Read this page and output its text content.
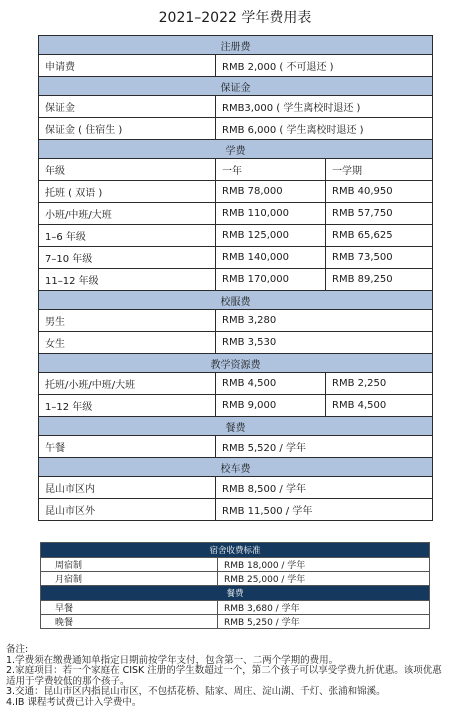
2021–2022 学年费用表
注册费		
申请费	RMB 2,000 ( 不可退还 )	
保证金		
保证金	RMB3,000 ( 学生离校时退还 )	
保证金 ( 住宿生 )	RMB 6,000 ( 学生离校时退还 )	
学费		
年级	一年	一学期
托班 ( 双语 )	RMB 78,000	RMB 40,950
小班/中班/大班	RMB 110,000	RMB 57,750
1–6 年级	RMB 125,000	RMB 65,625
7–10 年级	RMB 140,000	RMB 73,500
11–12 年级	RMB 170,000	RMB 89,250
校服费		
男生	RMB 3,280	
女生	RMB 3,530	
教学资源费		
托班/小班/中班/大班	RMB 4,500	RMB 2,250
1–12 年级	RMB 9,000	RMB 4,500
餐费		
午餐	RMB 5,520 / 学年	
校车费		
昆山市区内	RMB 8,500 / 学年	
昆山市区外	RMB 11,500 / 学年	
宿舍收费标准	
周宿制	RMB 18,000 / 学年
月宿制	RMB 25,000 / 学年
餐费	
早餐	RMB 3,680 / 学年
晚餐	RMB 5,250 / 学年
备注:
1.学费须在缴费通知单指定日期前按学年支付，包含第一、二两个学期的费用。
2.家庭项目：若一个家庭在 CISK 注册的学生数超过一个，第二个孩子可以享受学费九折优惠。该项优惠
适用于学费较低的那个孩子。
3.交通：昆山市区内指昆山市区，不包括花桥、陆家、周庄、淀山湖、千灯、张浦和锦溪。
4.IB 课程考试费已计入学费中。
